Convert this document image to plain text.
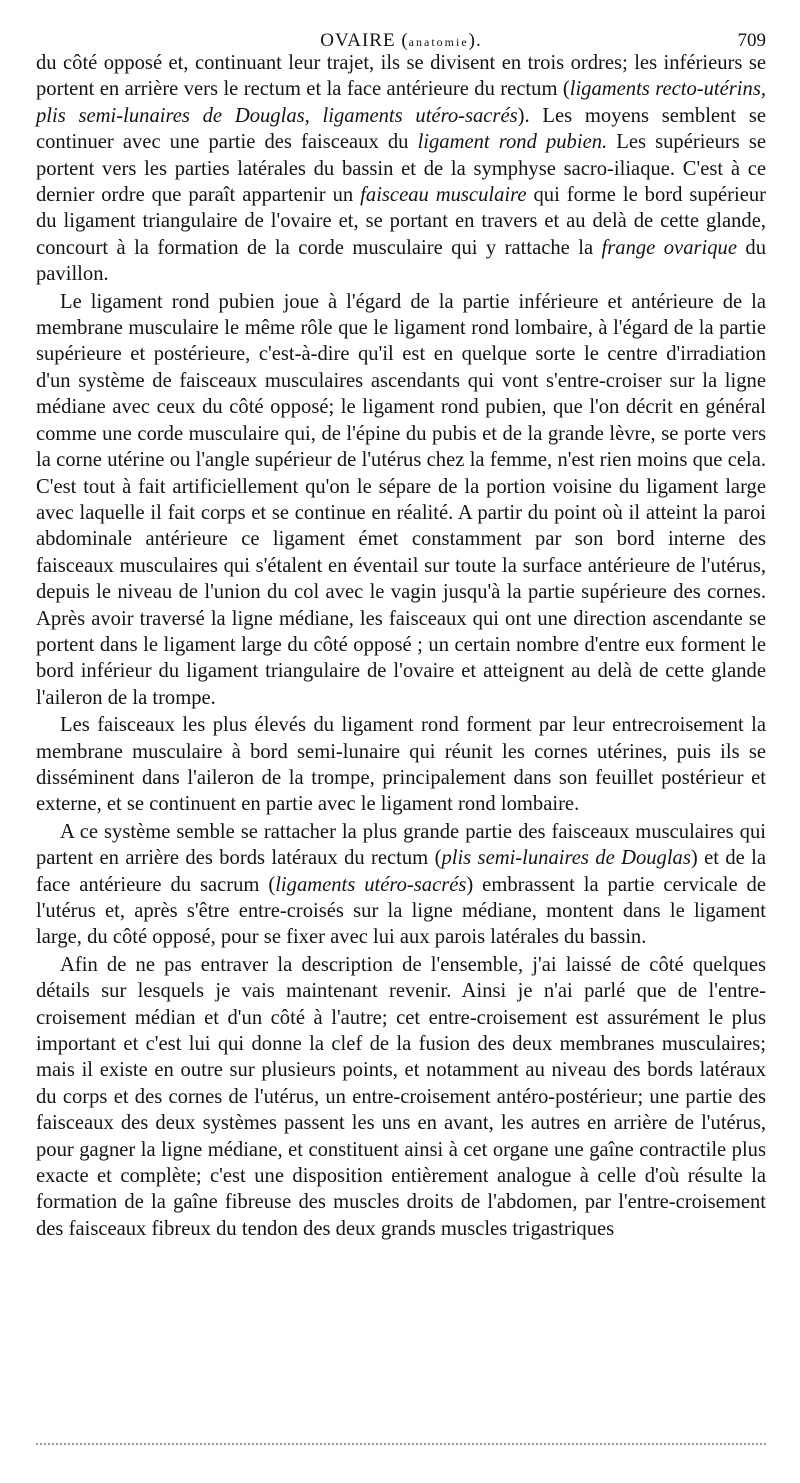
OVAIRE (anatomie).	709

du côté opposé et, continuant leur trajet, ils se divisent en trois ordres; les inférieurs se portent en arrière vers le rectum et la face antérieure du rectum (ligaments recto-utérins, plis semi-lunaires de Douglas, ligaments utéro-sacrés). Les moyens semblent se continuer avec une partie des faisceaux du ligament rond pubien. Les supérieurs se portent vers les parties latérales du bassin et de la symphyse sacro-iliaque. C'est à ce dernier ordre que paraît appartenir un faisceau musculaire qui forme le bord supérieur du ligament triangulaire de l'ovaire et, se portant en travers et au delà de cette glande, concourt à la formation de la corde musculaire qui y rattache la frange ovarique du pavillon.

Le ligament rond pubien joue à l'égard de la partie inférieure et antérieure de la membrane musculaire le même rôle que le ligament rond lombaire, à l'égard de la partie supérieure et postérieure, c'est-à-dire qu'il est en quelque sorte le centre d'irradiation d'un système de faisceaux musculaires ascendants qui vont s'entre-croiser sur la ligne médiane avec ceux du côté opposé; le ligament rond pubien, que l'on décrit en général comme une corde musculaire qui, de l'épine du pubis et de la grande lèvre, se porte vers la corne utérine ou l'angle supérieur de l'utérus chez la femme, n'est rien moins que cela. C'est tout à fait artificiellement qu'on le sépare de la portion voisine du ligament large avec laquelle il fait corps et se continue en réalité. A partir du point où il atteint la paroi abdominale antérieure ce ligament émet constamment par son bord interne des faisceaux musculaires qui s'étalent en éventail sur toute la surface antérieure de l'utérus, depuis le niveau de l'union du col avec le vagin jusqu'à la partie supérieure des cornes. Après avoir traversé la ligne médiane, les faisceaux qui ont une direction ascendante se portent dans le ligament large du côté opposé ; un certain nombre d'entre eux forment le bord inférieur du ligament triangulaire de l'ovaire et atteignent au delà de cette glande l'aileron de la trompe.

Les faisceaux les plus élevés du ligament rond forment par leur entrecroisement la membrane musculaire à bord semi-lunaire qui réunit les cornes utérines, puis ils se disséminent dans l'aileron de la trompe, principalement dans son feuillet postérieur et externe, et se continuent en partie avec le ligament rond lombaire.

A ce système semble se rattacher la plus grande partie des faisceaux musculaires qui partent en arrière des bords latéraux du rectum (plis semi-lunaires de Douglas) et de la face antérieure du sacrum (ligaments utéro-sacrés) embrassent la partie cervicale de l'utérus et, après s'être entre-croisés sur la ligne médiane, montent dans le ligament large, du côté opposé, pour se fixer avec lui aux parois latérales du bassin.

Afin de ne pas entraver la description de l'ensemble, j'ai laissé de côté quelques détails sur lesquels je vais maintenant revenir. Ainsi je n'ai parlé que de l'entre-croisement médian et d'un côté à l'autre; cet entre-croisement est assurément le plus important et c'est lui qui donne la clef de la fusion des deux membranes musculaires; mais il existe en outre sur plusieurs points, et notamment au niveau des bords latéraux du corps et des cornes de l'utérus, un entre-croisement antéro-postérieur; une partie des faisceaux des deux systèmes passent les uns en avant, les autres en arrière de l'utérus, pour gagner la ligne médiane, et constituent ainsi à cet organe une gaîne contractile plus exacte et complète; c'est une disposition entièrement analogue à celle d'où résulte la formation de la gaîne fibreuse des muscles droits de l'abdomen, par l'entre-croisement des faisceaux fibreux du tendon des deux grands muscles trigastriques
